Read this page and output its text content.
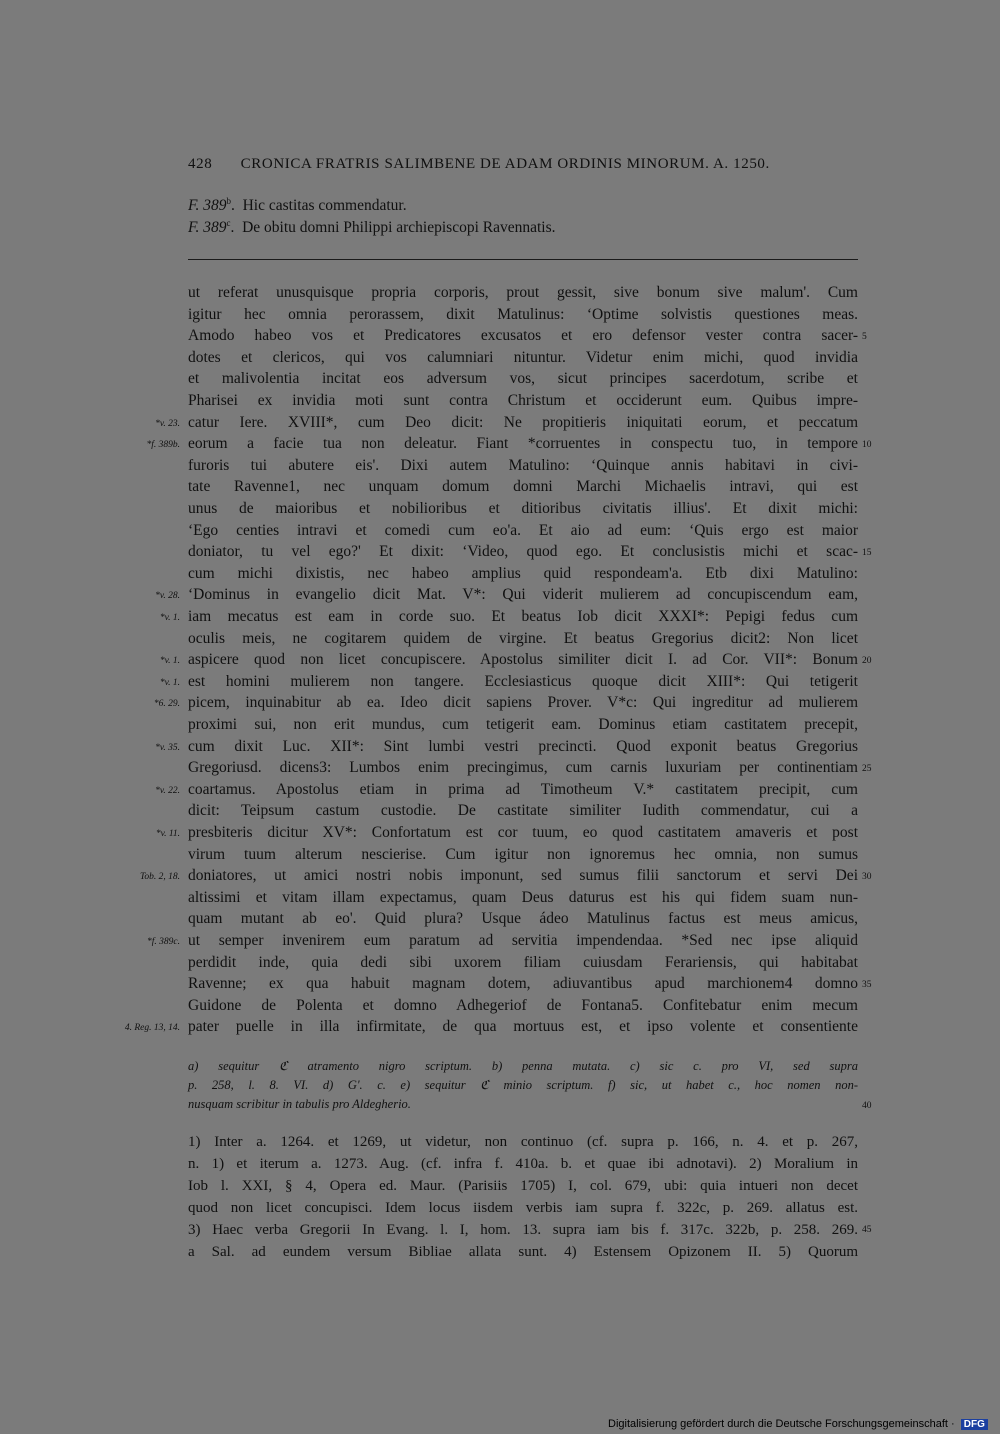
428 CRONICA FRATRIS SALIMBENE DE ADAM ORDINIS MINORUM. A. 1250.
F. 389$^b$.  Hic castitas commendatur.
F. 389$^c$.  De obitu domni Philippi archiepiscopi Ravennatis.
ut referat unusquisque propria corporis, prout gessit, sive bonum sive malum'. Cum
igitur hec omnia perorassem, dixit Matulinus: ‘Optime solvistis questiones meas.
Amodo habeo vos et Predicatores excusatos et ero defensor vester contra sacer- 5
dotes et clericos, qui vos calumniari nituntur. Videtur enim michi, quod invidia
et malivolentia incitat eos adversum vos, sicut principes sacerdotum, scribe et
Pharisei ex invidia moti sunt contra Christum et occiderunt eum. Quibus impre-
catur Iere. XVIII*, cum Deo dicit: Ne propitieris iniquitati eorum, et peccatum
*v. 23.
eorum a facie tua non deleatur. Fiant *corruentes in conspectu tuo, in tempore
*f. 389b.	10
furoris tui abutere eis'. Dixi autem Matulino: ‘Quinque annis habitavi in civi-
tate Ravenne1, nec unquam domum domni Marchi Michaelis intravi, qui est
unus de maioribus et nobilioribus et ditioribus civitatis illius'. Et dixit michi:
‘Ego centies intravi et comedi cum eo'a. Et aio ad eum: ‘Quis ergo est maior
doniator, tu vel ego?' Et dixit: ‘Video, quod ego. Et conclusistis michi et scac- 15
cum michi dixistis, nec habeo amplius quid respondeam'a. Etb dixi Matulino:
‘Dominus in evangelio dicit Mat. V*: Qui viderit mulierem ad concupiscendum eam,
*v. 28.
iam mecatus est eam in corde suo. Et beatus Iob dicit XXXI*: Pepigi fedus cum
*v. 1.
oculis meis, ne cogitarem quidem de virgine. Et beatus Gregorius dicit2: Non licet
aspicere quod non licet concupiscere. Apostolus similiter dicit I. ad Cor. VII*: Bonum
*v. 1.	20
est homini mulierem non tangere. Ecclesiasticus quoque dicit XIII*: Qui tetigerit
*v. 1.
picem, inquinabitur ab ea. Ideo dicit sapiens Prover. V*c: Qui ingreditur ad mulierem
*6. 29.
proximi sui, non erit mundus, cum tetigerit eam. Dominus etiam castitatem precepit,
cum dixit Luc. XII*: Sint lumbi vestri precincti. Quod exponit beatus Gregorius
*v. 35.
Gregoriusd. dicens3: Lumbos enim precingimus, cum carnis luxuriam per continentiam 25
coartamus. Apostolus etiam in prima ad Timotheum V.* castitatem precipit, cum
*v. 22.
dicit: Teipsum castum custodie. De castitate similiter Iudith commendatur, cui a
presbiteris dicitur XV*: Confortatum est cor tuum, eo quod castitatem amaveris et post
*v. 11.
virum tuum alterum nescierise. Cum igitur non ignoremus hec omnia, non sumus
doniatores, ut amici nostri nobis imponunt, sed sumus filii sanctorum et servi Dei
Tob. 2, 18.	30
altissimi et vitam illam expectamus, quam Deus daturus est his qui fidem suam nun-
quam mutant ab eo'. Quid plura? Usque ádeo Matulinus factus est meus amicus,
ut semper invenirem eum paratum ad servitia impendendaa. *Sed nec ipse aliquid
*f. 389c.
perdidit inde, quia dedi sibi uxorem filiam cuiusdam Ferariensis, qui habitabat
Ravenne; ex qua habuit magnam dotem, adiuvantibus apud marchionem4 domno 35
Guidone de Polenta et domno Adhegeriof de Fontana5. Confitebatur enim mecum
pater puelle in illa infirmitate, de qua mortuus est, et ipso volente et consentiente
4. Reg. 13, 14.
a) sequitur ℭ atramento nigro scriptum. b) penna mutata. c) sic c. pro VI, sed supra
p. 258, l. 8. VI. d) G'. c. e) sequitur ℭ minio scriptum. f) sic, ut habet c., hoc nomen non-
nusquam scribitur in tabulis pro Aldegherio.	40
1) Inter a. 1264. et 1269, ut videtur, non continuo (cf. supra p. 166, n. 4. et p. 267,
n. 1) et iterum a. 1273. Aug. (cf. infra f. 410a. b. et quae ibi adnotavi). 2) Moralium in
Iob l. XXI, § 4, Opera ed. Maur. (Parisiis 1705) I, col. 679, ubi: quia intueri non decet
quod non licet concupisci. Idem locus iisdem verbis iam supra f. 322c, p. 269. allatus est.
3) Haec verba Gregorii In Evang. l. I, hom. 13. supra iam bis f. 317c. 322b, p. 258. 269.
a Sal. ad eundem versum Bibliae allata sunt. 4) Estensem Opizonem II. 5) Quorum
45
Digitalisierung gefördert durch die Deutsche Forschungsgemeinschaft · DFG
